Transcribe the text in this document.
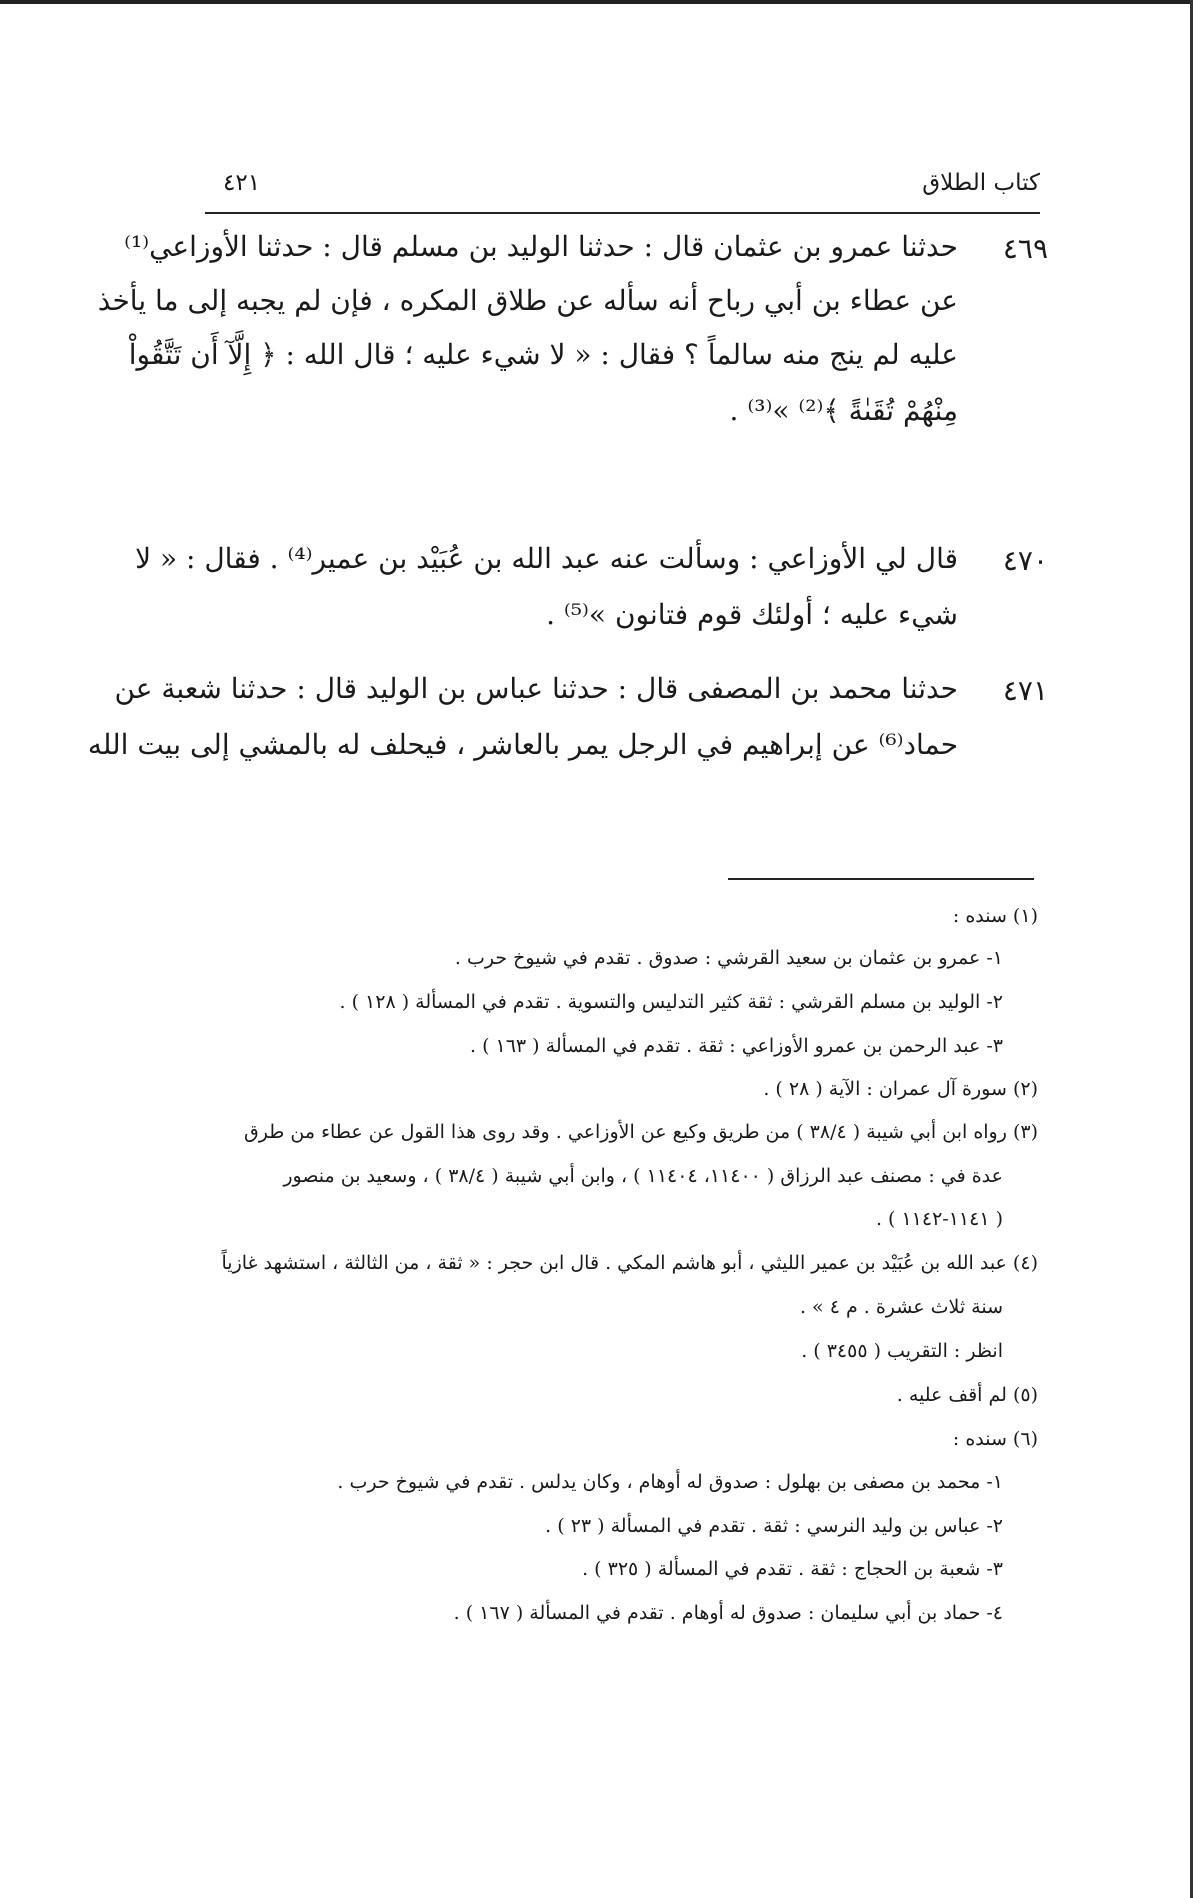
كتاب الطلاق
٤٢١
٤٦٩
حدثنا عمرو بن عثمان قال : حدثنا الوليد بن مسلم قال : حدثنا الأوزاعي⁽¹⁾
عن عطاء بن أبي رباح أنه سأله عن طلاق المكره ، فإن لم يجبه إلى ما يأخذ
عليه لم ينج منه سالماً ؟ فقال : « لا شيء عليه ؛ قال الله : ﴿ إِلَّآ أَن تَتَّقُواْ
مِنْهُمْ تُقَىٰةً ﴾⁽²⁾ »⁽³⁾ .
٤٧٠
قال لي الأوزاعي : وسألت عنه عبد الله بن عُبَيْد بن عمير⁽⁴⁾ . فقال : « لا
شيء عليه ؛ أولئك قوم فتانون »⁽⁵⁾ .
٤٧١
حدثنا محمد بن المصفى قال : حدثنا عباس بن الوليد قال : حدثنا شعبة عن
حماد⁽⁶⁾ عن إبراهيم في الرجل يمر بالعاشر ، فيحلف له بالمشي إلى بيت الله
(١) سنده :
١- عمرو بن عثمان بن سعيد القرشي : صدوق . تقدم في شيوخ حرب .
٢- الوليد بن مسلم القرشي : ثقة كثير التدليس والتسوية . تقدم في المسألة ( ١٢٨ ) .
٣- عبد الرحمن بن عمرو الأوزاعي : ثقة . تقدم في المسألة ( ١٦٣ ) .
(٢) سورة آل عمران : الآية ( ٢٨ ) .
(٣) رواه ابن أبي شيبة ( ٣٨/٤ ) من طريق وكيع عن الأوزاعي . وقد روى هذا القول عن عطاء من طرق
عدة في : مصنف عبد الرزاق ( ١١٤٠٠، ١١٤٠٤ ) ، وابن أبي شيبة ( ٣٨/٤ ) ، وسعيد بن منصور
( ١١٤١-١١٤٢ ) .
(٤) عبد الله بن عُبَيْد بن عمير الليثي ، أبو هاشم المكي . قال ابن حجر : « ثقة ، من الثالثة ، استشهد غازياً
سنة ثلاث عشرة . م ٤ » .
انظر : التقريب ( ٣٤٥٥ ) .
(٥) لم أقف عليه .
(٦) سنده :
١- محمد بن مصفى بن بهلول : صدوق له أوهام ، وكان يدلس . تقدم في شيوخ حرب .
٢- عباس بن وليد النرسي : ثقة . تقدم في المسألة ( ٢٣ ) .
٣- شعبة بن الحجاج : ثقة . تقدم في المسألة ( ٣٢٥ ) .
٤- حماد بن أبي سليمان : صدوق له أوهام . تقدم في المسألة ( ١٦٧ ) .
